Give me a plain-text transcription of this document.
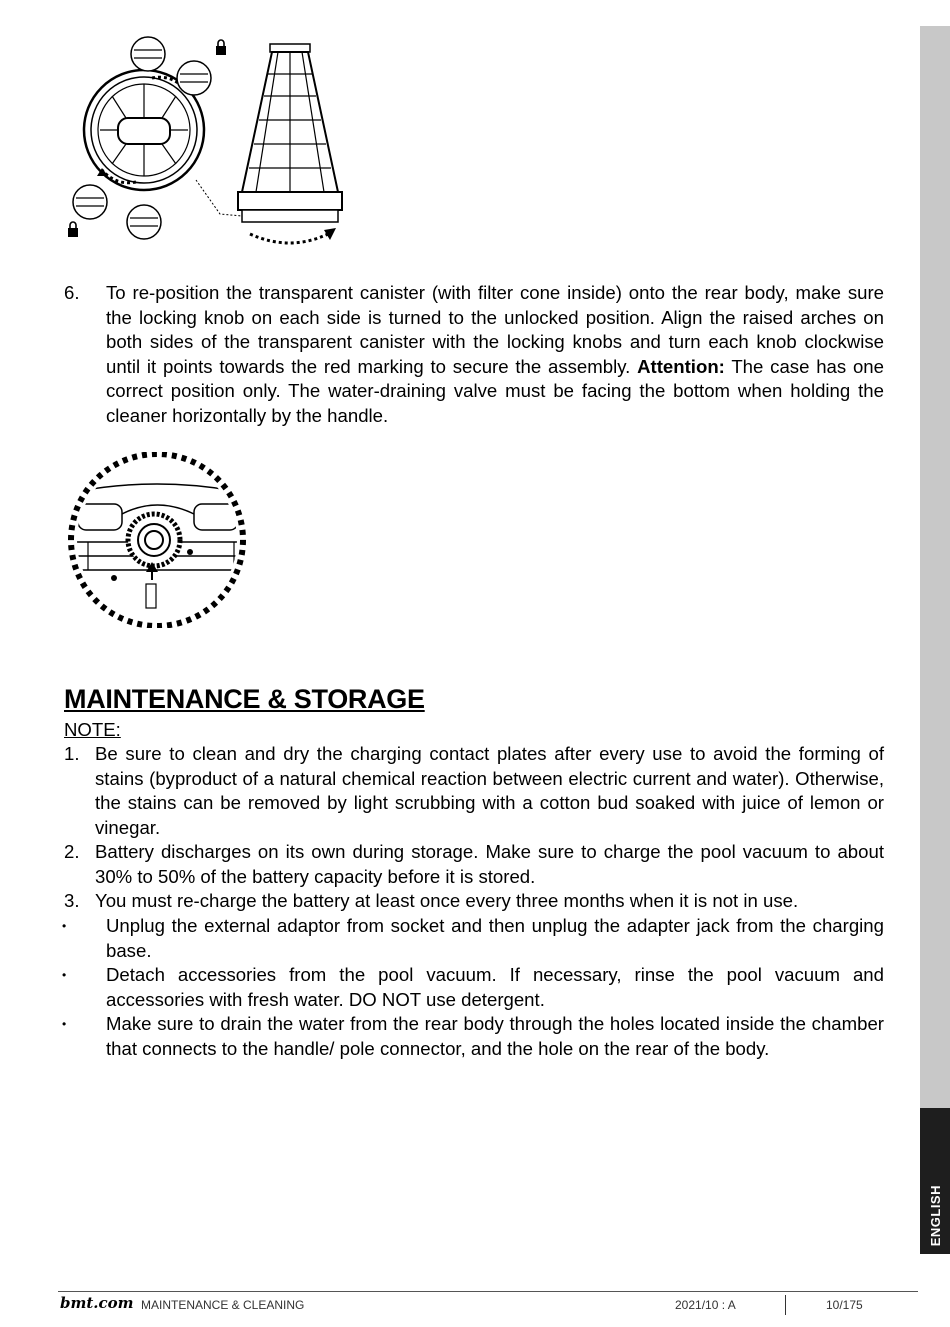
ENGLISH
6. To re-position the transparent canister (with filter cone inside) onto the rear body, make sure the locking knob on each side is turned to the unlocked position. Align the raised arches on both sides of the transparent canister with the locking knobs and turn each knob clockwise until it points towards the red marking to secure the assembly. Attention: The case has one correct position only. The water-draining valve must be facing the bottom when holding the cleaner horizontally by the handle.
MAINTENANCE & STORAGE
NOTE:
1. Be sure to clean and dry the charging contact plates after every use to avoid the forming of stains (byproduct of a natural chemical reaction between electric current and water). Otherwise, the stains can be removed by light scrubbing with a cotton bud soaked with juice of lemon or vinegar.
2. Battery discharges on its own during storage. Make sure to charge the pool vacuum to about 30% to 50% of the battery capacity before it is stored.
3. You must re-charge the battery at least once every three months when it is not in use.
• Unplug the external adaptor from socket and then unplug the adapter jack from the charging base.
• Detach accessories from the pool vacuum. If necessary, rinse the pool vacuum and accessories with fresh water. DO NOT use detergent.
• Make sure to drain the water from the rear body through the holes located inside the chamber that connects to the handle/ pole connector, and the hole on the rear of the body.
bmt.com MAINTENANCE & CLEANING	2021/10 : A	10/175
